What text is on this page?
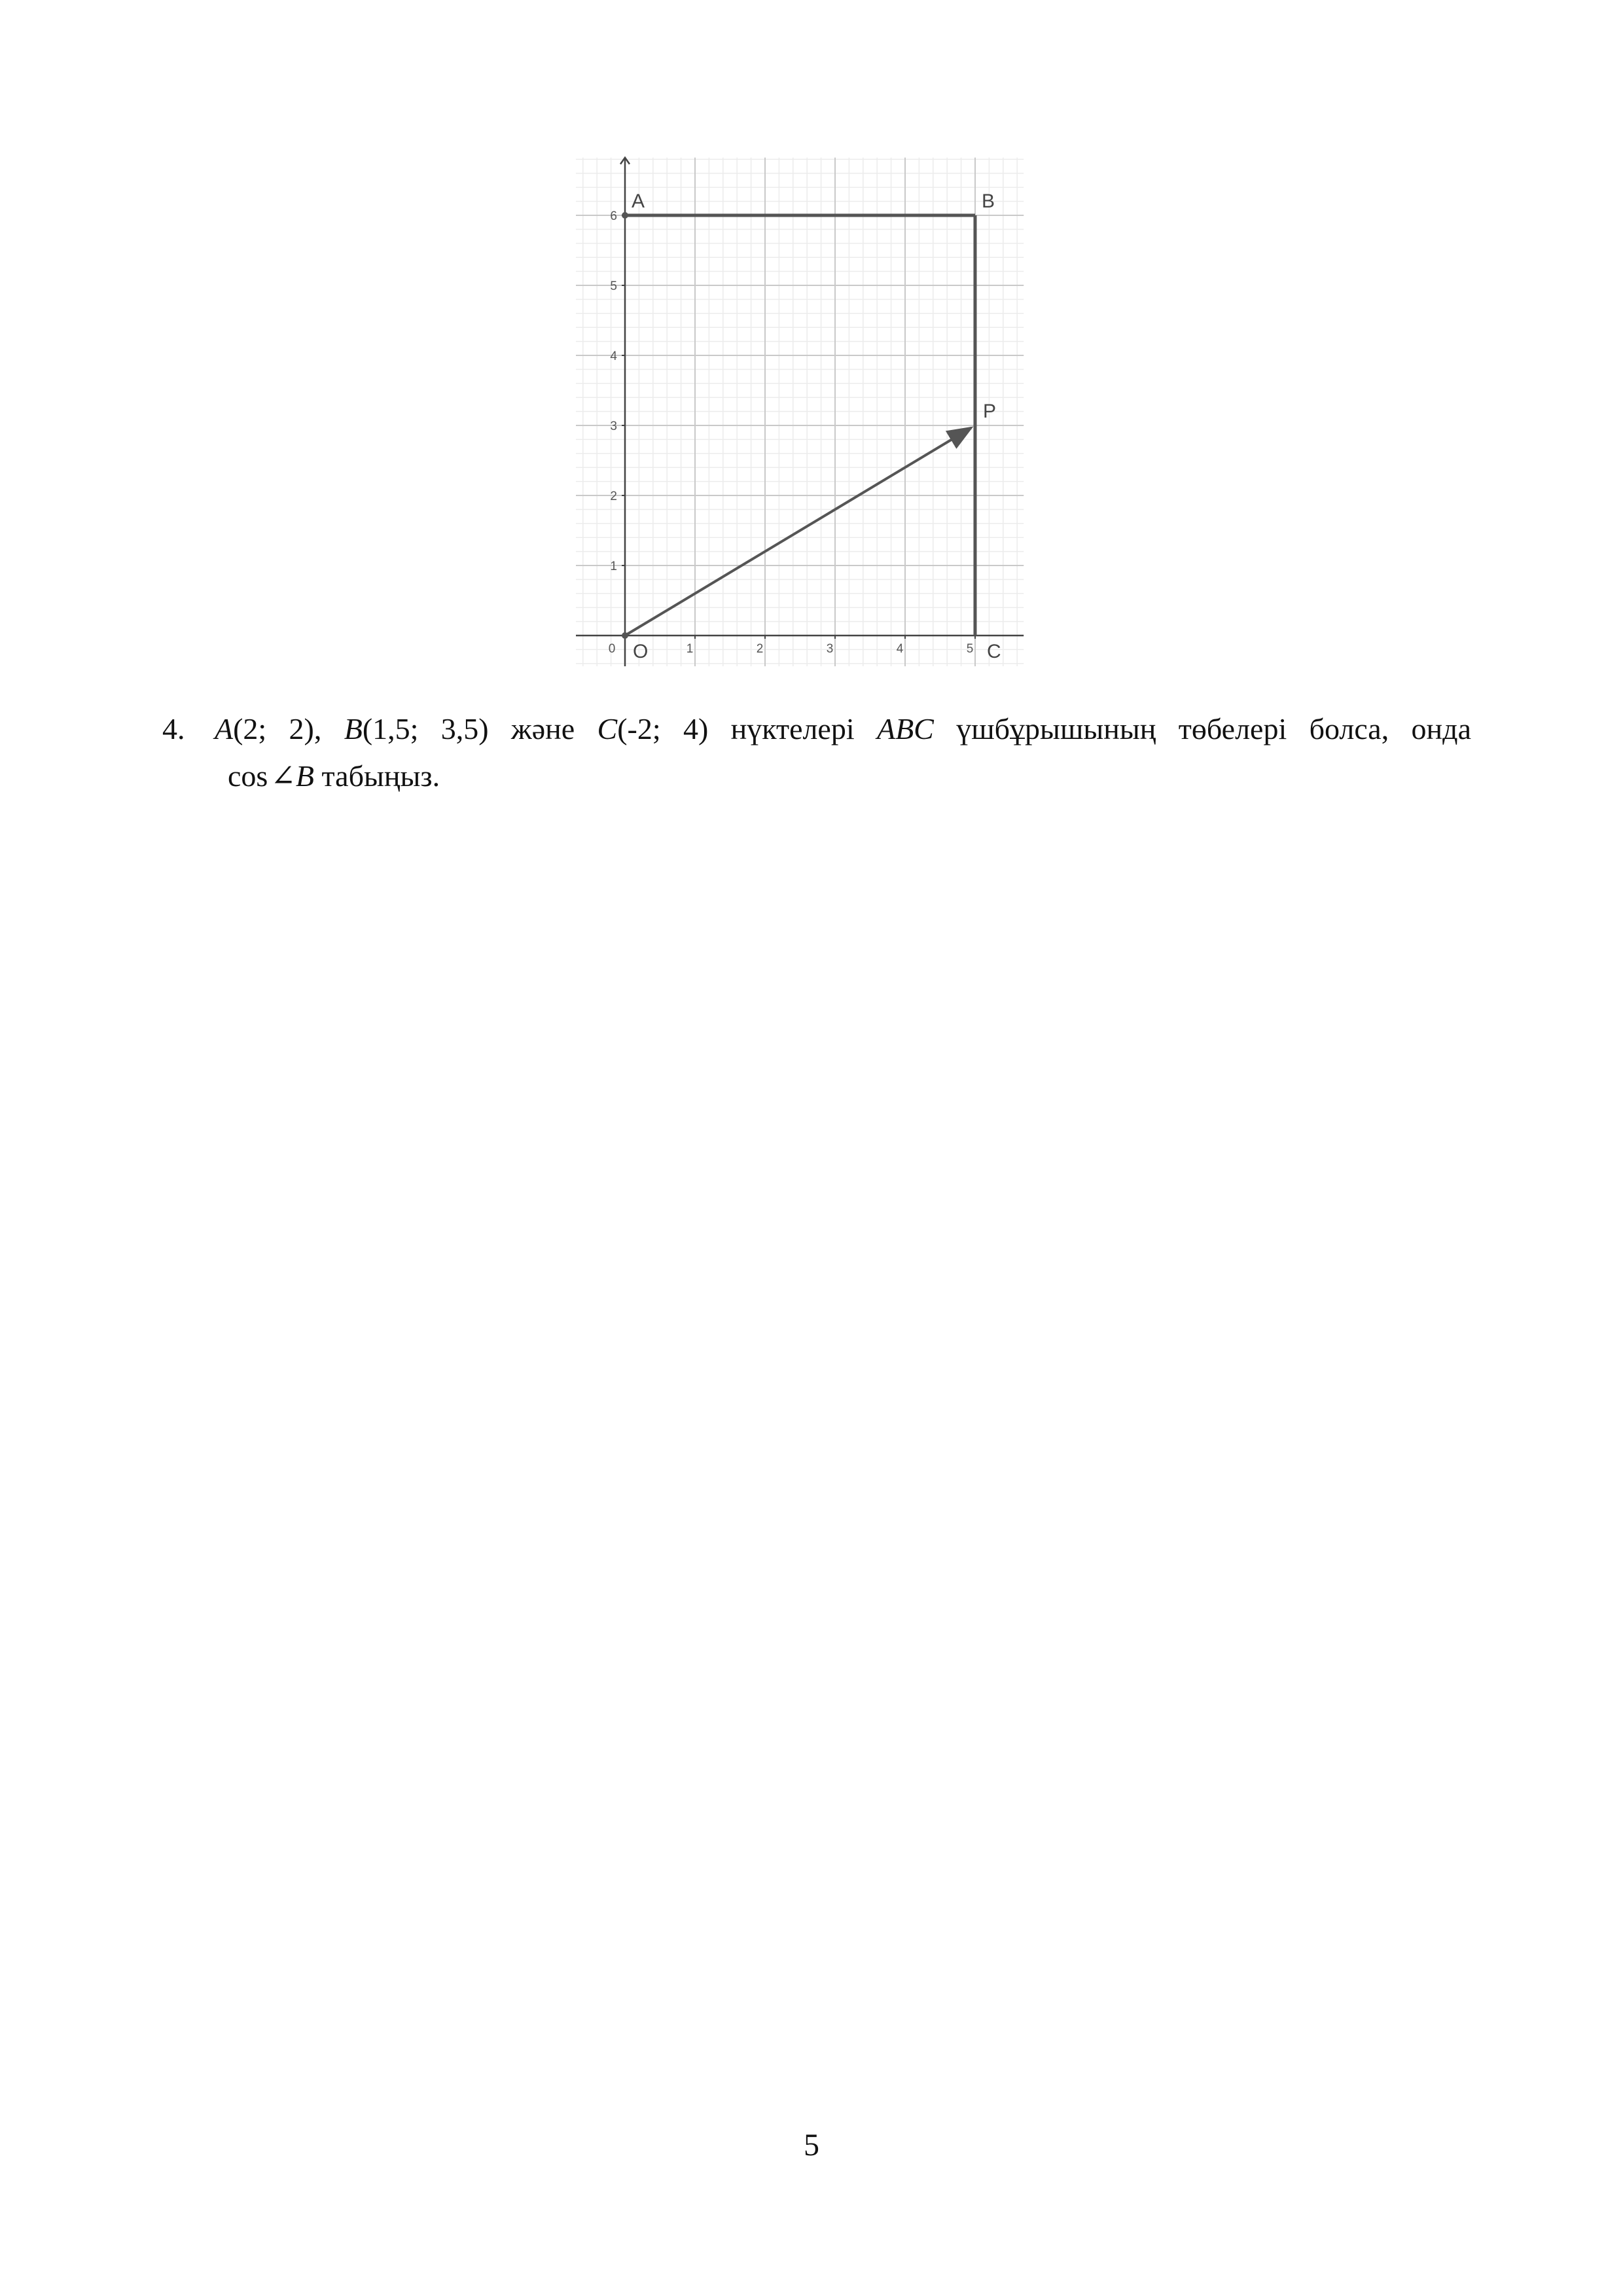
0	1	2	3	4	5
1
2
3
4
5
6
A	B
P
C
O
4. A(2; 2), B(1,5; 3,5) және C(-2; 4) нүктелері ABC үшбұрышының төбелері болса, онда
cos∠B табыңыз.
5
